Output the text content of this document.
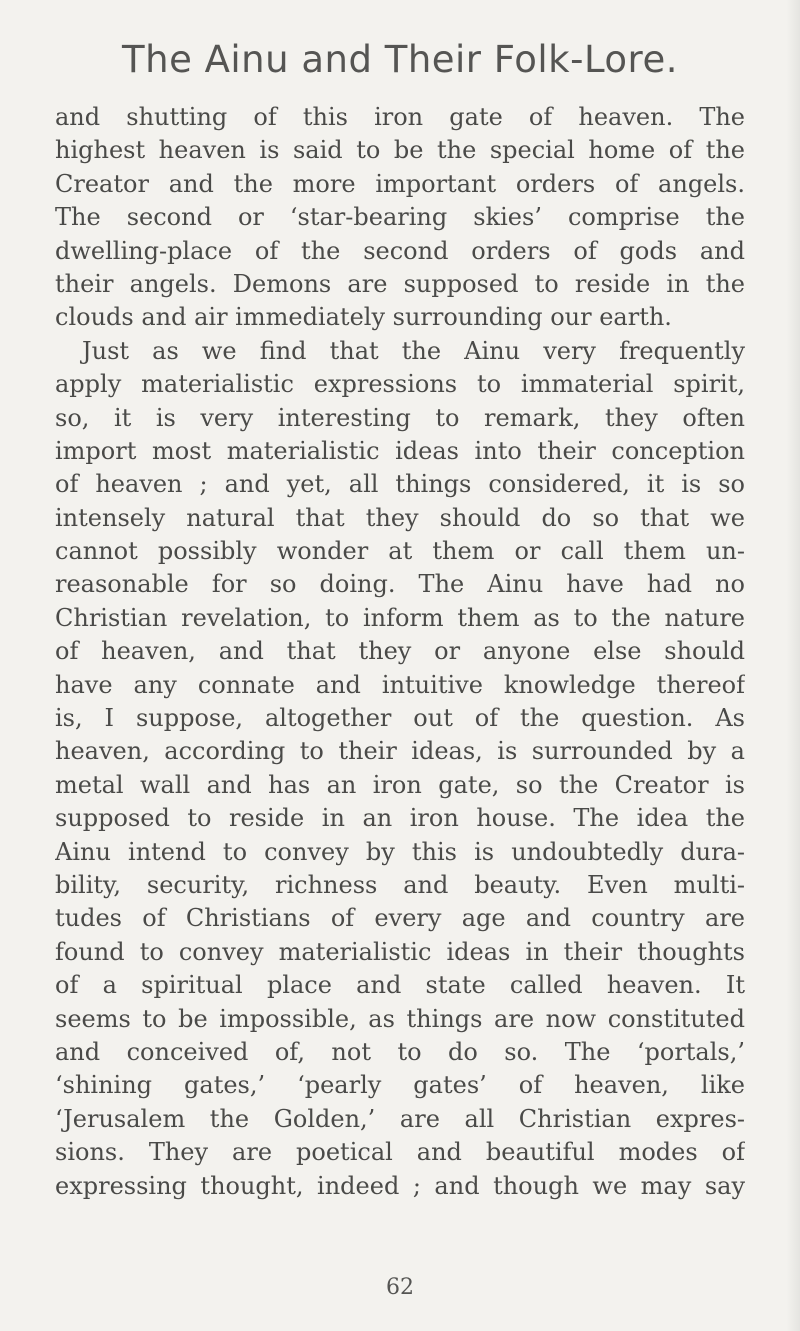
The Ainu and Their Folk-Lore.
and shutting of this iron gate of heaven. The
highest heaven is said to be the special home of the
Creator and the more important orders of angels.
The second or ‘star-bearing skies’ comprise the
dwelling-place of the second orders of gods and
their angels. Demons are supposed to reside in the
clouds and air immediately surrounding our earth.
Just as we find that the Ainu very frequently
apply materialistic expressions to immaterial spirit,
so, it is very interesting to remark, they often
import most materialistic ideas into their conception
of heaven ; and yet, all things considered, it is so
intensely natural that they should do so that we
cannot possibly wonder at them or call them un-
reasonable for so doing. The Ainu have had no
Christian revelation, to inform them as to the nature
of heaven, and that they or anyone else should
have any connate and intuitive knowledge thereof
is, I suppose, altogether out of the question. As
heaven, according to their ideas, is surrounded by a
metal wall and has an iron gate, so the Creator is
supposed to reside in an iron house. The idea the
Ainu intend to convey by this is undoubtedly dura-
bility, security, richness and beauty. Even multi-
tudes of Christians of every age and country are
found to convey materialistic ideas in their thoughts
of a spiritual place and state called heaven. It
seems to be impossible, as things are now constituted
and conceived of, not to do so. The ‘portals,’
‘shining gates,’ ‘pearly gates’ of heaven, like
‘Jerusalem the Golden,’ are all Christian expres-
sions. They are poetical and beautiful modes of
expressing thought, indeed ; and though we may say
62
